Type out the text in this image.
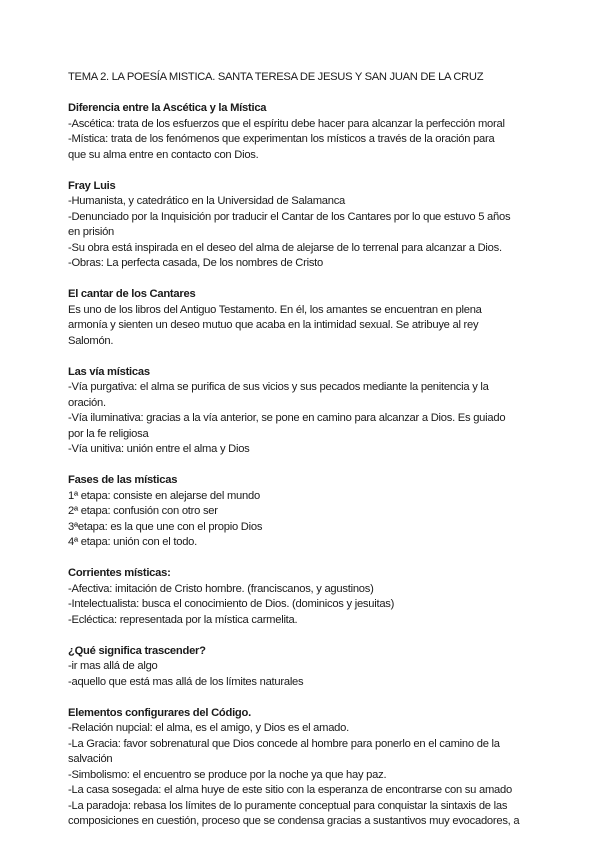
TEMA 2. LA POESÍA MISTICA. SANTA TERESA DE JESUS Y SAN JUAN DE LA CRUZ

Diferencia entre la Ascética y la Mística

-Ascética: trata de los esfuerzos que el espíritu debe hacer para alcanzar la perfección moral

-Mística: trata de los fenómenos que experimentan los místicos a través de la oración para

que su alma entre en contacto con Dios.

Fray Luis

-Humanista, y catedrático en la Universidad de Salamanca

-Denunciado por la Inquisición por traducir el Cantar de los Cantares por lo que estuvo 5 años

en prisión

-Su obra está inspirada en el deseo del alma de alejarse de lo terrenal para alcanzar a Dios.

-Obras: La perfecta casada, De los nombres de Cristo

El cantar de los Cantares

Es uno de los libros del Antiguo Testamento. En él, los amantes se encuentran en plena

armonía y sienten un deseo mutuo que acaba en la intimidad sexual. Se atribuye al rey

Salomón.

Las vía místicas

-Vía purgativa: el alma se purifica de sus vicios y sus pecados mediante la penitencia y la

oración.

-Vía iluminativa: gracias a la vía anterior, se pone en camino para alcanzar a Dios. Es guiado

por la fe religiosa

-Vía unitiva: unión entre el alma y Dios

Fases de las místicas

1ª etapa: consiste en alejarse del mundo

2ª etapa: confusión con otro ser

3ªetapa: es la que une con el propio Dios

4ª etapa: unión con el todo.

Corrientes místicas:

-Afectiva: imitación de Cristo hombre. (franciscanos, y agustinos)

-Intelectualista: busca el conocimiento de Dios. (dominicos y jesuitas)

-Ecléctica: representada por la mística carmelita.

¿Qué significa trascender?

-ir mas allá de algo

-aquello que está mas allá de los límites naturales

Elementos configurares del Código.

-Relación nupcial: el alma, es el amigo, y Dios es el amado.

-La Gracia: favor sobrenatural que Dios concede al hombre para ponerlo en el camino de la

salvación

-Simbolismo: el encuentro se produce por la noche ya que hay paz.

-La casa sosegada: el alma huye de este sitio con la esperanza de encontrarse con su amado

-La paradoja: rebasa los límites de lo puramente conceptual para conquistar la sintaxis de las

composiciones en cuestión, proceso que se condensa gracias a sustantivos muy evocadores, a
